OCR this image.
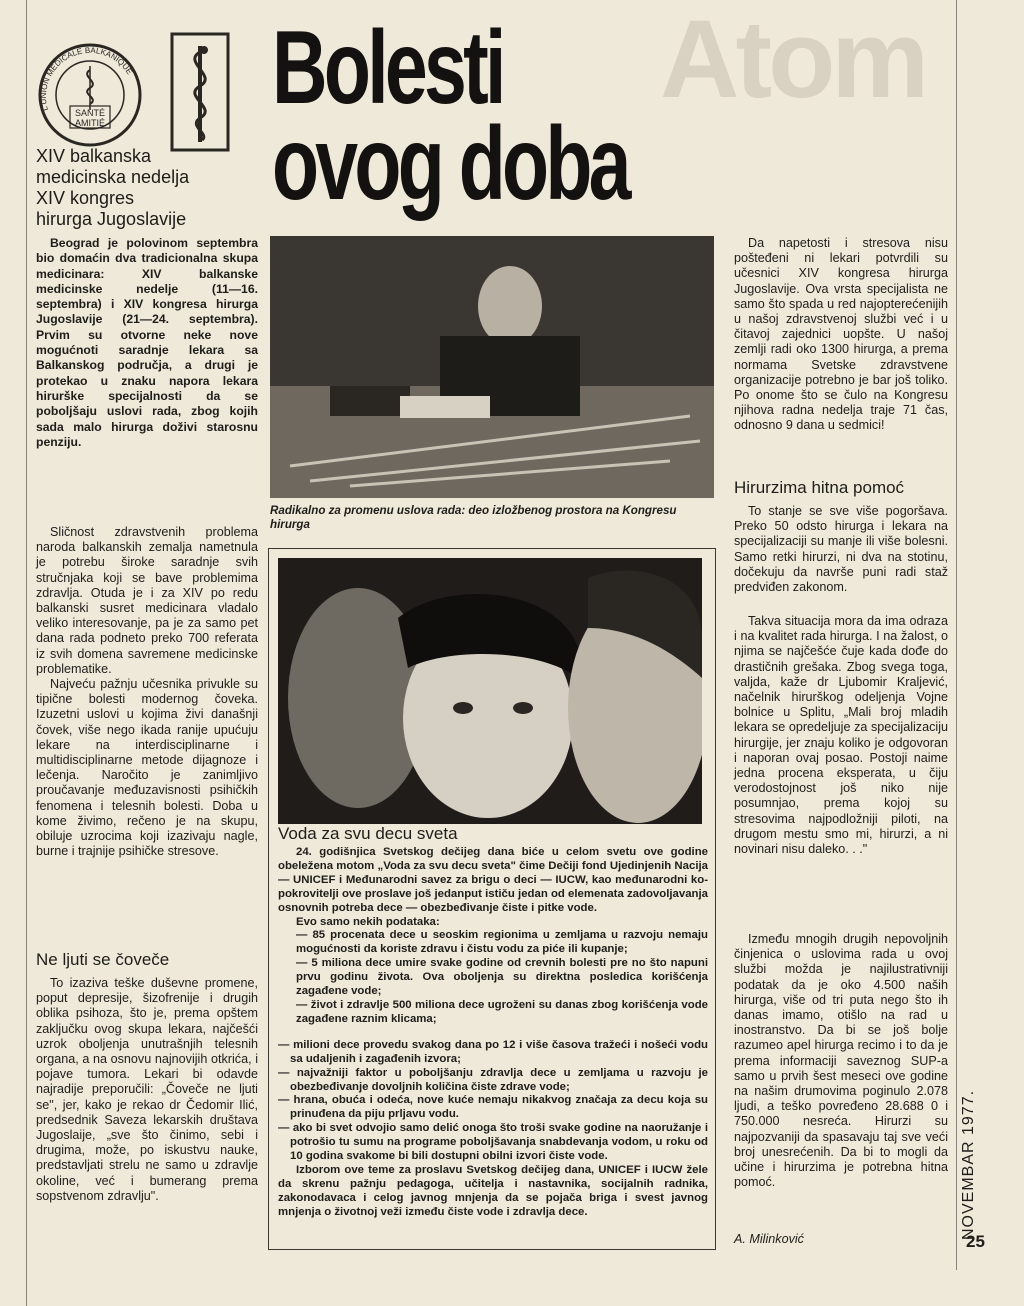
Atom
SANTÉ
AMITIÉ
L'UNION MÉDICALE BALKANIQUE
XIV balkanska
medicinska nedelja
XIV kongres
hirurga Jugoslavije
Bolesti
ovog doba

Beograd je polovinom septembra bio domaćin dva tradicionalna skupa medicinara: XIV balkanske medicinske nedelje (11—16. septembra) i XIV kongresa hirurga Jugoslavije (21—24. septembra). Prvim su otvorne neke nove mogućnoti saradnje lekara sa Balkanskog područja, a drugi je protekao u znaku napora lekara hirurške specijalnosti da se poboljšaju uslovi rada, zbog kojih sada malo hirurga doživi starosnu penziju.

Sličnost zdravstvenih problema naroda balkanskih zemalja nametnula je potrebu široke saradnje svih stručnjaka koji se bave problemima zdravlja. Otuda je i za XIV po redu balkanski susret medicinara vladalo veliko interesovanje, pa je za samo pet dana rada podneto preko 700 referata iz svih domena savremene medicinske problematike.

Najveću pažnju učesnika privukle su tipične bolesti modernog čoveka. Izuzetni uslovi u kojima živi današnji čovek, više nego ikada ranije upućuju lekare na interdisciplinarne i multidisciplinarne metode dijagnoze i lečenja. Naročito je zanimljivo proučavanje međuzavisnosti psihičkih fenomena i telesnih bolesti. Doba u kome živimo, rečeno je na skupu, obiluje uzrocima koji izazivaju nagle, burne i trajnije psihičke stresove.

Ne ljuti se čoveče

To izaziva teške duševne promene, poput depresije, šizofrenije i drugih oblika psihoza, što je, prema opštem zaključku ovog skupa lekara, najčešći uzrok oboljenja unutrašnjih telesnih organa, a na osnovu najnovijih otkrića, i pojave tumora. Lekari bi odavde najradije preporučili: „Čoveče ne ljuti se", jer, kako je rekao dr Čedomir Ilić, predsednik Saveza lekarskih društava Jugoslaije, „sve što činimo, sebi i drugima, može, po iskustvu nauke, predstavljati strelu ne samo u zdravlje okoline, već i bumerang prema sopstvenom zdravlju".

Radikalno za promenu uslova rada: deo izložbenog prostora na Kongresu hirurga
Voda za svu decu sveta

24. godišnjica Svetskog dečijeg dana biće u celom svetu ove godine obeležena motom „Voda za svu decu sveta" čime Dečiji fond Ujedinjenih Nacija — UNICEF i Međunarodni savez za brigu o deci — IUCW, kao međunarodni ko-pokrovitelji ove proslave još jedanput ističu jedan od elemenata zadovoljavanja osnovnih potreba dece — obezbeđivanje čiste i pitke vode.

Evo samo nekih podataka:

— 85 procenata dece u seoskim regionima u zemljama u razvoju nemaju mogućnosti da koriste zdravu i čistu vodu za piće ili kupanje;

— 5 miliona dece umire svake godine od crevnih bolesti pre no što napuni prvu godinu života. Ova oboljenja su direktna posledica korišćenja zagađene vode;

— život i zdravlje 500 miliona dece ugroženi su danas zbog korišćenja vode zagađene raznim klicama;

— milioni dece provedu svakog dana po 12 i više časova tražeći i nošeći vodu sa udaljenih i zagađenih izvora;

— najvažniji faktor u poboljšanju zdravlja dece u zemljama u razvoju je obezbeđivanje dovoljnih količina čiste zdrave vode;

— hrana, obuća i odeća, nove kuće nemaju nikakvog značaja za decu koja su prinuđena da piju prljavu vodu.

— ako bi svet odvojio samo delić onoga što troši svake godine na naoružanje i potrošio tu sumu na programe poboljšavanja snabdevanja vodom, u roku od 10 godina svakome bi bili dostupni obilni izvori čiste vode.

Izborom ove teme za proslavu Svetskog dečijeg dana, UNICEF i IUCW žele da skrenu pažnju pedagoga, učitelja i nastavnika, socijalnih radnika, zakonodavaca i celog javnog mnjenja da se pojača briga i svest javnog mnjenja o životnoj veži između čiste vode i zdravlja dece.

Da napetosti i stresova nisu pošteđeni ni lekari potvrdili su učesnici XIV kongresa hirurga Jugoslavije. Ova vrsta specijalista ne samo što spada u red najopterećenijih u našoj zdravstvenoj službi već i u čitavoj zajednici uopšte. U našoj zemlji radi oko 1300 hirurga, a prema normama Svetske zdravstvene organizacije potrebno je bar još toliko. Po onome što se čulo na Kongresu njihova radna nedelja traje 71 čas, odnosno 9 dana u sedmici!

Hirurzima hitna pomoć

To stanje se sve više pogoršava. Preko 50 odsto hirurga i lekara na specijalizaciji su manje ili više bolesni. Samo retki hirurzi, ni dva na stotinu, dočekuju da navrše puni radi staž predviđen zakonom.

Takva situacija mora da ima odraza i na kvalitet rada hirurga. I na žalost, o njima se najčešće čuje kada dođe do drastičnih grešaka. Zbog svega toga, valjda, kaže dr Ljubomir Kraljević, načelnik hirurškog odeljenja Vojne bolnice u Splitu, „Mali broj mladih lekara se opredeljuje za specijalizaciju hirurgije, jer znaju koliko je odgovoran i naporan ovaj posao. Postoji naime jedna procena eksperata, u čiju verodostojnost još niko nije posumnjao, prema kojoj su stresovima najpodložniji piloti, na drugom mestu smo mi, hirurzi, a ni novinari nisu daleko. . ."

Između mnogih drugih nepovoljnih činjenica o uslovima rada u ovoj službi možda je najilustrativniji podatak da je oko 4.500 naših hirurga, više od tri puta nego što ih danas imamo, otišlo na rad u inostranstvo. Da bi se još bolje razumeo apel hirurga recimo i to da je prema informaciji saveznog SUP-a samo u prvih šest meseci ove godine na našim drumovima poginulo 2.078 ljudi, a teško povređeno 28.688 0 i 750.000 nesreća. Hirurzi su najpozvaniji da spasavaju taj sve veći broj unesrećenih. Da bi to mogli da učine i hirurzima je potrebna hitna pomoć.

A. Milinković	NOVEMBAR 1977.
25
